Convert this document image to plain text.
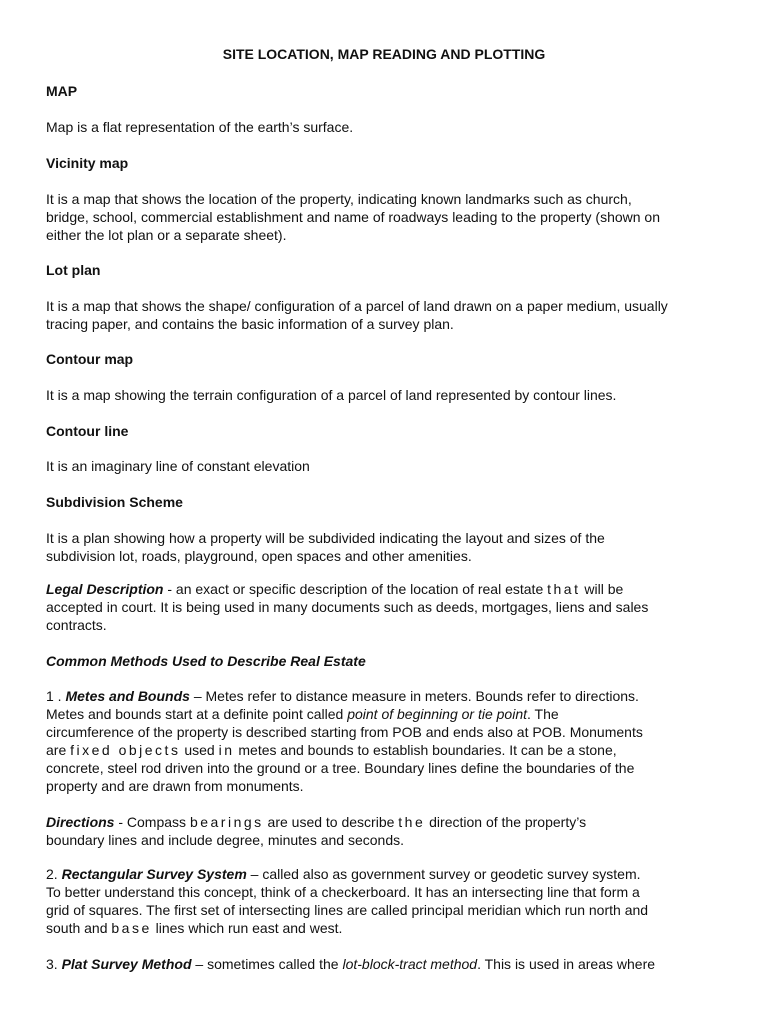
SITE LOCATION, MAP READING AND PLOTTING
MAP
Map is a flat representation of the earth’s surface.
Vicinity map
It is a map that shows the location of the property, indicating known landmarks such as church,
bridge, school, commercial establishment and name of roadways leading to the property (shown on
either the lot plan or a separate sheet).
Lot plan
It is a map that shows the shape/ configuration of a parcel of land drawn on a paper medium, usually
tracing paper, and contains the basic information of a survey plan.
Contour map
It is a map showing the terrain configuration of a parcel of land represented by contour lines.
Contour line
It is an imaginary line of constant elevation
Subdivision Scheme
It is a plan showing how a property will be subdivided indicating the layout and sizes of the
subdivision lot, roads, playground, open spaces and other amenities.
Legal Description - an exact or specific description of the location of real estate that will be
accepted in court. It is being used in many documents such as deeds, mortgages, liens and sales
contracts.
Common Methods Used to Describe Real Estate
1 . Metes and Bounds – Metes refer to distance measure in meters. Bounds refer to directions.
Metes and bounds start at a definite point called point of beginning or tie point. The
circumference of the property is described starting from POB and ends also at POB. Monuments
are fixed objects used in metes and bounds to establish boundaries. It can be a stone,
concrete, steel rod driven into the ground or a tree. Boundary lines define the boundaries of the
property and are drawn from monuments.
Directions - Compass bearings are used to describe the direction of the property’s
boundary lines and include degree, minutes and seconds.
2. Rectangular Survey System – called also as government survey or geodetic survey system.
To better understand this concept, think of a checkerboard. It has an intersecting line that form a
grid of squares. The first set of intersecting lines are called principal meridian which run north and
south and base lines which run east and west.
3. Plat Survey Method – sometimes called the lot-block-tract method. This is used in areas where
